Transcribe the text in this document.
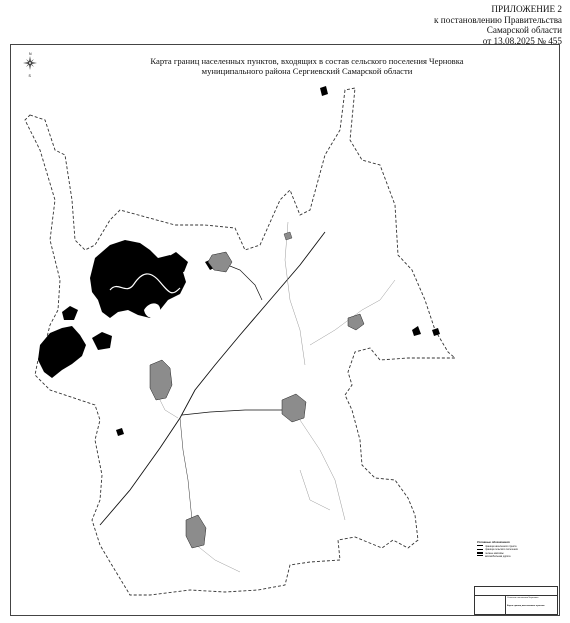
ПРИЛОЖЕНИЕ 2
к постановлению Правительства
Самарской области
от 13.08.2025 № 455
Карта границ населенных пунктов, входящих в состав сельского поселения Черновка
муниципального района Сергиевский Самарской области
N
S
Условные обозначения
граница населенного пункта
граница сельского поселения
лесные массивы
автомобильная дорога
Сельское поселение Черновка
Карта границ населенных пунктов
